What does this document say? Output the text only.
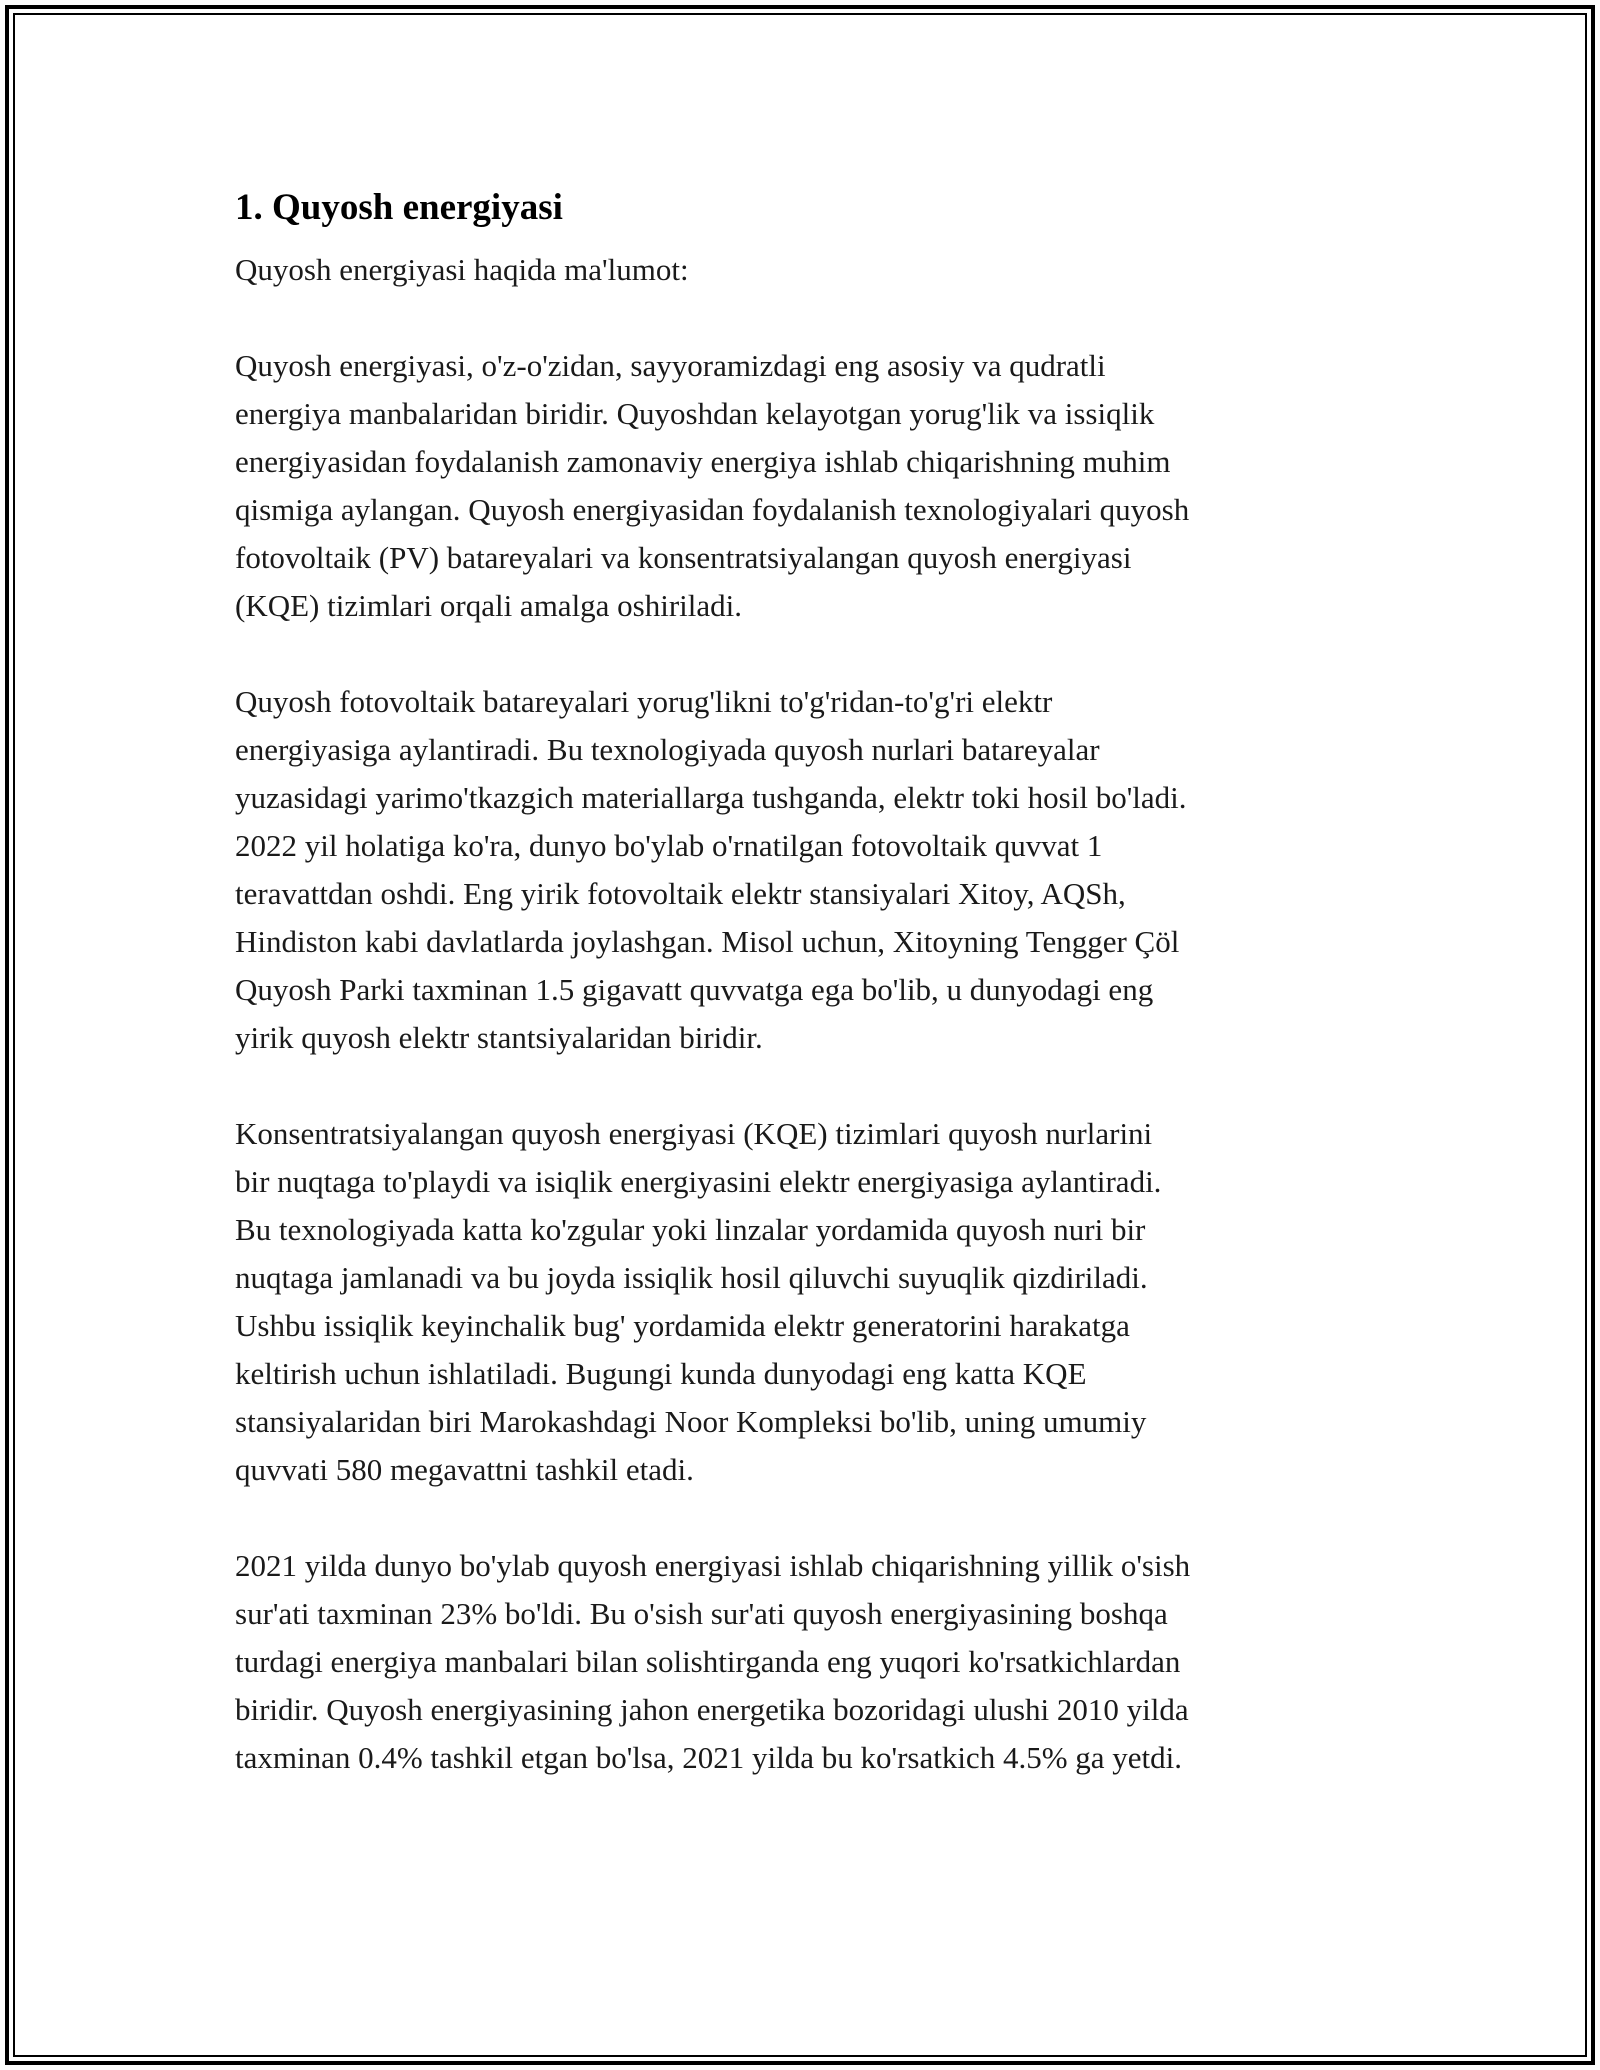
1. Quyosh energiyasi

Quyosh energiyasi haqida ma'lumot:

Quyosh energiyasi, o'z-o'zidan, sayyoramizdagi eng asosiy va qudratli
energiya manbalaridan biridir. Quyoshdan kelayotgan yorug'lik va issiqlik
energiyasidan foydalanish zamonaviy energiya ishlab chiqarishning muhim
qismiga aylangan. Quyosh energiyasidan foydalanish texnologiyalari quyosh
fotovoltaik (PV) batareyalari va konsentratsiyalangan quyosh energiyasi
(KQE) tizimlari orqali amalga oshiriladi.

Quyosh fotovoltaik batareyalari yorug'likni to'g'ridan-to'g'ri elektr
energiyasiga aylantiradi. Bu texnologiyada quyosh nurlari batareyalar
yuzasidagi yarimo'tkazgich materiallarga tushganda, elektr toki hosil bo'ladi.
2022 yil holatiga ko'ra, dunyo bo'ylab o'rnatilgan fotovoltaik quvvat 1
teravattdan oshdi. Eng yirik fotovoltaik elektr stansiyalari Xitoy, AQSh,
Hindiston kabi davlatlarda joylashgan. Misol uchun, Xitoyning Tengger Çöl
Quyosh Parki taxminan 1.5 gigavatt quvvatga ega bo'lib, u dunyodagi eng
yirik quyosh elektr stantsiyalaridan biridir.

Konsentratsiyalangan quyosh energiyasi (KQE) tizimlari quyosh nurlarini
bir nuqtaga to'playdi va isiqlik energiyasini elektr energiyasiga aylantiradi.
Bu texnologiyada katta ko'zgular yoki linzalar yordamida quyosh nuri bir
nuqtaga jamlanadi va bu joyda issiqlik hosil qiluvchi suyuqlik qizdiriladi.
Ushbu issiqlik keyinchalik bug' yordamida elektr generatorini harakatga
keltirish uchun ishlatiladi. Bugungi kunda dunyodagi eng katta KQE
stansiyalaridan biri Marokashdagi Noor Kompleksi bo'lib, uning umumiy
quvvati 580 megavattni tashkil etadi.

2021 yilda dunyo bo'ylab quyosh energiyasi ishlab chiqarishning yillik o'sish
sur'ati taxminan 23% bo'ldi. Bu o'sish sur'ati quyosh energiyasining boshqa
turdagi energiya manbalari bilan solishtirganda eng yuqori ko'rsatkichlardan
biridir. Quyosh energiyasining jahon energetika bozoridagi ulushi 2010 yilda
taxminan 0.4% tashkil etgan bo'lsa, 2021 yilda bu ko'rsatkich 4.5% ga yetdi.
